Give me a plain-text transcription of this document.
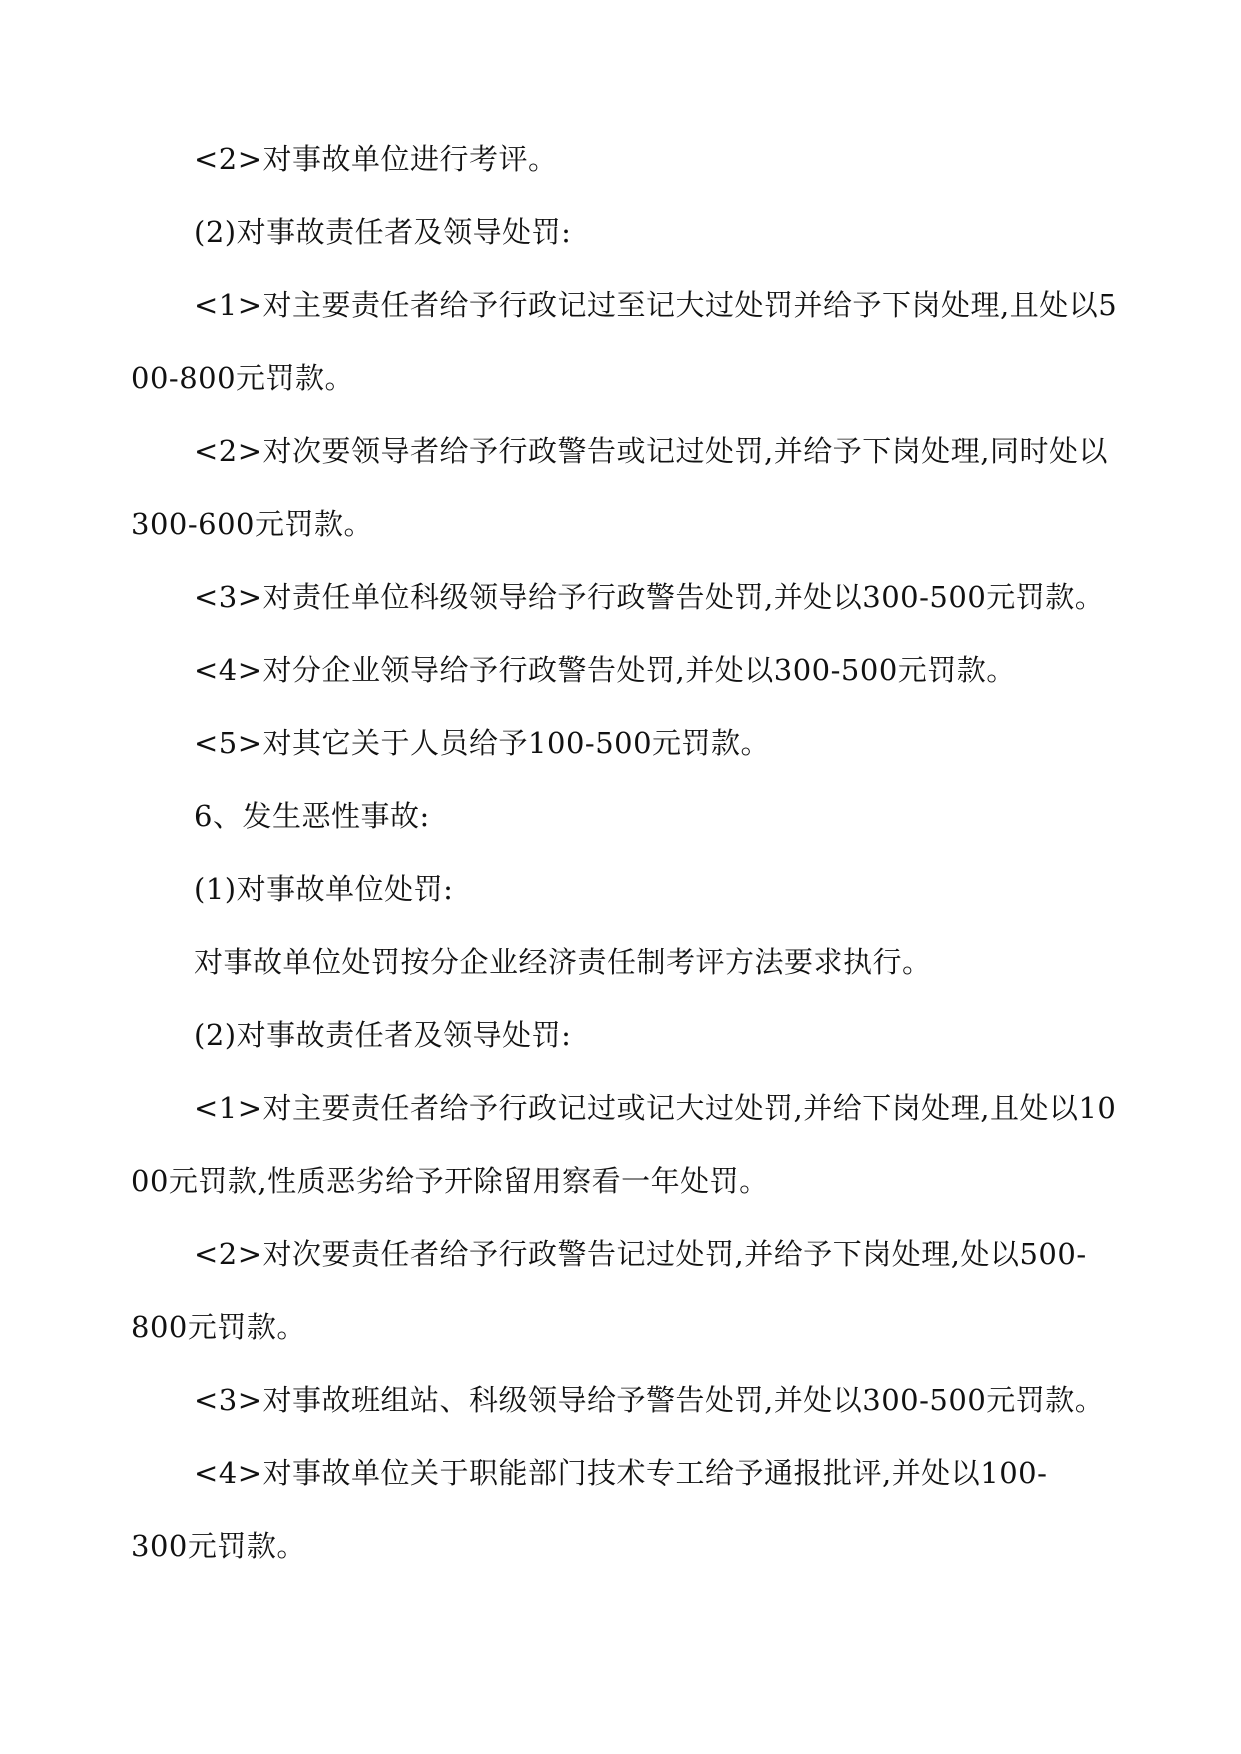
<2>对事故单位进行考评。
(2)对事故责任者及领导处罚:
<1>对主要责任者给予行政记过至记大过处罚并给予下岗处理,且处以5
00-800元罚款。
<2>对次要领导者给予行政警告或记过处罚,并给予下岗处理,同时处以
300-600元罚款。
<3>对责任单位科级领导给予行政警告处罚,并处以300-500元罚款。
<4>对分企业领导给予行政警告处罚,并处以300-500元罚款。
<5>对其它关于人员给予100-500元罚款。
6、发生恶性事故:
(1)对事故单位处罚:
对事故单位处罚按分企业经济责任制考评方法要求执行。
(2)对事故责任者及领导处罚:
<1>对主要责任者给予行政记过或记大过处罚,并给下岗处理,且处以10
00元罚款,性质恶劣给予开除留用察看一年处罚。
<2>对次要责任者给予行政警告记过处罚,并给予下岗处理,处以500-
800元罚款。
<3>对事故班组站、科级领导给予警告处罚,并处以300-500元罚款。
<4>对事故单位关于职能部门技术专工给予通报批评,并处以100-
300元罚款。
